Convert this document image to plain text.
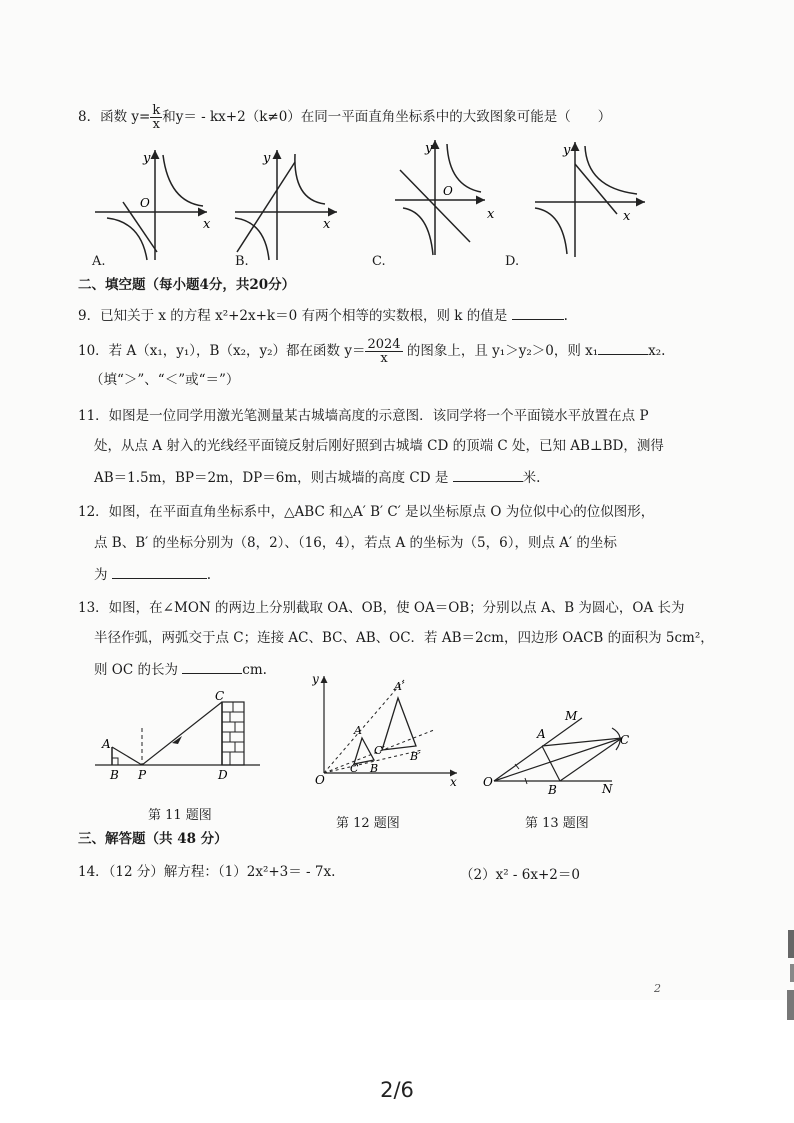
8．函数 $y= \frac{k}{x}$ 和y＝ - kx+2（k≠0）在同一平面直角坐标系中的大致图象可能是（　　）
y
O
x
y
x
y
O
x
y
x
A.	B.	C.	D.
二、填空题（每小题4分，共20分）
9．已知关于 x 的方程 x²+2x+k＝0 有两个相等的实数根，则 k 的值是	.
10．若 A（x₁，y₁），B（x₂，y₂）都在函数 $y= \frac{2024}{x}$ 的图象上，且 y₁＞y₂＞0，则 x₁	x₂.
（填“＞”、“＜”或“＝”）
11．如图是一位同学用激光笔测量某古城墙高度的示意图．该同学将一个平面镜水平放置在点 P
处，从点 A 射入的光线经平面镜反射后刚好照到古城墙 CD 的顶端 C 处，已知 AB⊥BD，测得
AB＝1.5m，BP＝2m，DP＝6m，则古城墙的高度 CD 是	米.
12．如图，在平面直角坐标系中，△ABC 和△A′ B′ C′ 是以坐标原点 O 为位似中心的位似图形，
点 B、B′ 的坐标分别为（8，2）、（16，4），若点 A 的坐标为（5，6），则点 A′ 的坐标
为	.
13．如图，在∠MON 的两边上分别截取 OA、OB，使 OA＝OB；分别以点 A、B 为圆心，OA 长为
半径作弧，两弧交于点 C；连接 AC、BC、AB、OC．若 AB＝2cm，四边形 OACB 的面积为 5cm²，
则 OC 的长为	cm.
A
B P
C
D
第 11 题图
y
x
O
A
B
C
A′
B′
C′
第 12 题图
O
M
N
A
B
C
第 13 题图
三、解答题（共 48 分）
14．（12 分）解方程：（1）2x²+3＝ - 7x.	（2）x² - 6x+2＝0
2
2/6
